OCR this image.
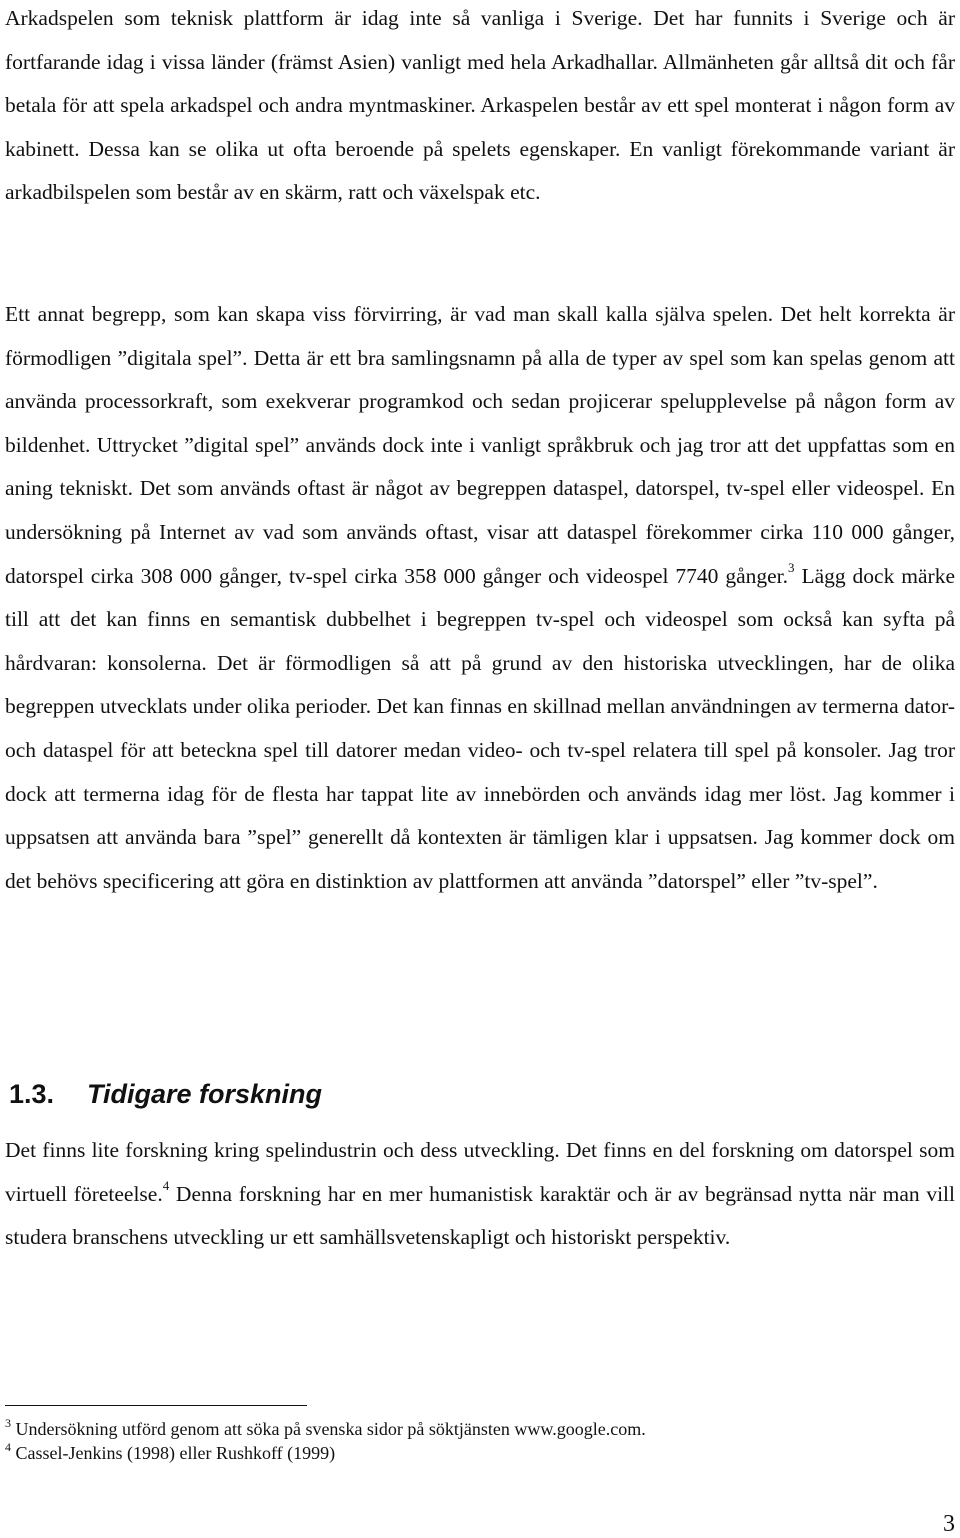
Arkadspelen som teknisk plattform är idag inte så vanliga i Sverige. Det har funnits i Sverige och är fortfarande idag i vissa länder (främst Asien) vanligt med hela Arkadhallar. Allmänheten går alltså dit och får betala för att spela arkadspel och andra myntmaskiner. Arkaspelen består av ett spel monterat i någon form av kabinett. Dessa kan se olika ut ofta beroende på spelets egenskaper. En vanligt förekommande variant är arkadbilspelen som består av en skärm, ratt och växelspak etc.

Ett annat begrepp, som kan skapa viss förvirring, är vad man skall kalla själva spelen. Det helt korrekta är förmodligen ”digitala spel”. Detta är ett bra samlingsnamn på alla de typer av spel som kan spelas genom att använda processorkraft, som exekverar programkod och sedan projicerar spelupplevelse på någon form av bildenhet. Uttrycket ”digital spel” används dock inte i vanligt språkbruk och jag tror att det uppfattas som en aning tekniskt. Det som används oftast är något av begreppen dataspel, datorspel, tv-spel eller videospel. En undersökning på Internet av vad som används oftast, visar att dataspel förekommer cirka 110 000 gånger, datorspel cirka 308 000 gånger, tv-spel cirka 358 000 gånger och videospel 7740 gånger.$^3$ Lägg dock märke till att det kan finns en semantisk dubbelhet i begreppen tv-spel och videospel som också kan syfta på hårdvaran: konsolerna. Det är förmodligen så att på grund av den historiska utvecklingen, har de olika begreppen utvecklats under olika perioder. Det kan finnas en skillnad mellan användningen av termerna dator- och dataspel för att beteckna spel till datorer medan video- och tv-spel relatera till spel på konsoler. Jag tror dock att termerna idag för de flesta har tappat lite av innebörden och används idag mer löst. Jag kommer i uppsatsen att använda bara ”spel” generellt då kontexten är tämligen klar i uppsatsen. Jag kommer dock om det behövs specificering att göra en distinktion av plattformen att använda ”datorspel” eller ”tv-spel”.

1.3. Tidigare forskning

Det finns lite forskning kring spelindustrin och dess utveckling. Det finns en del forskning om datorspel som virtuell företeelse.$^4$ Denna forskning har en mer humanistisk karaktär och är av begränsad nytta när man vill studera branschens utveckling ur ett samhällsvetenskapligt och historiskt perspektiv.

$^3$ Undersökning utförd genom att söka på svenska sidor på söktjänsten www.google.com.

$^4$ Cassel-Jenkins (1998) eller Rushkoff (1999)

3
